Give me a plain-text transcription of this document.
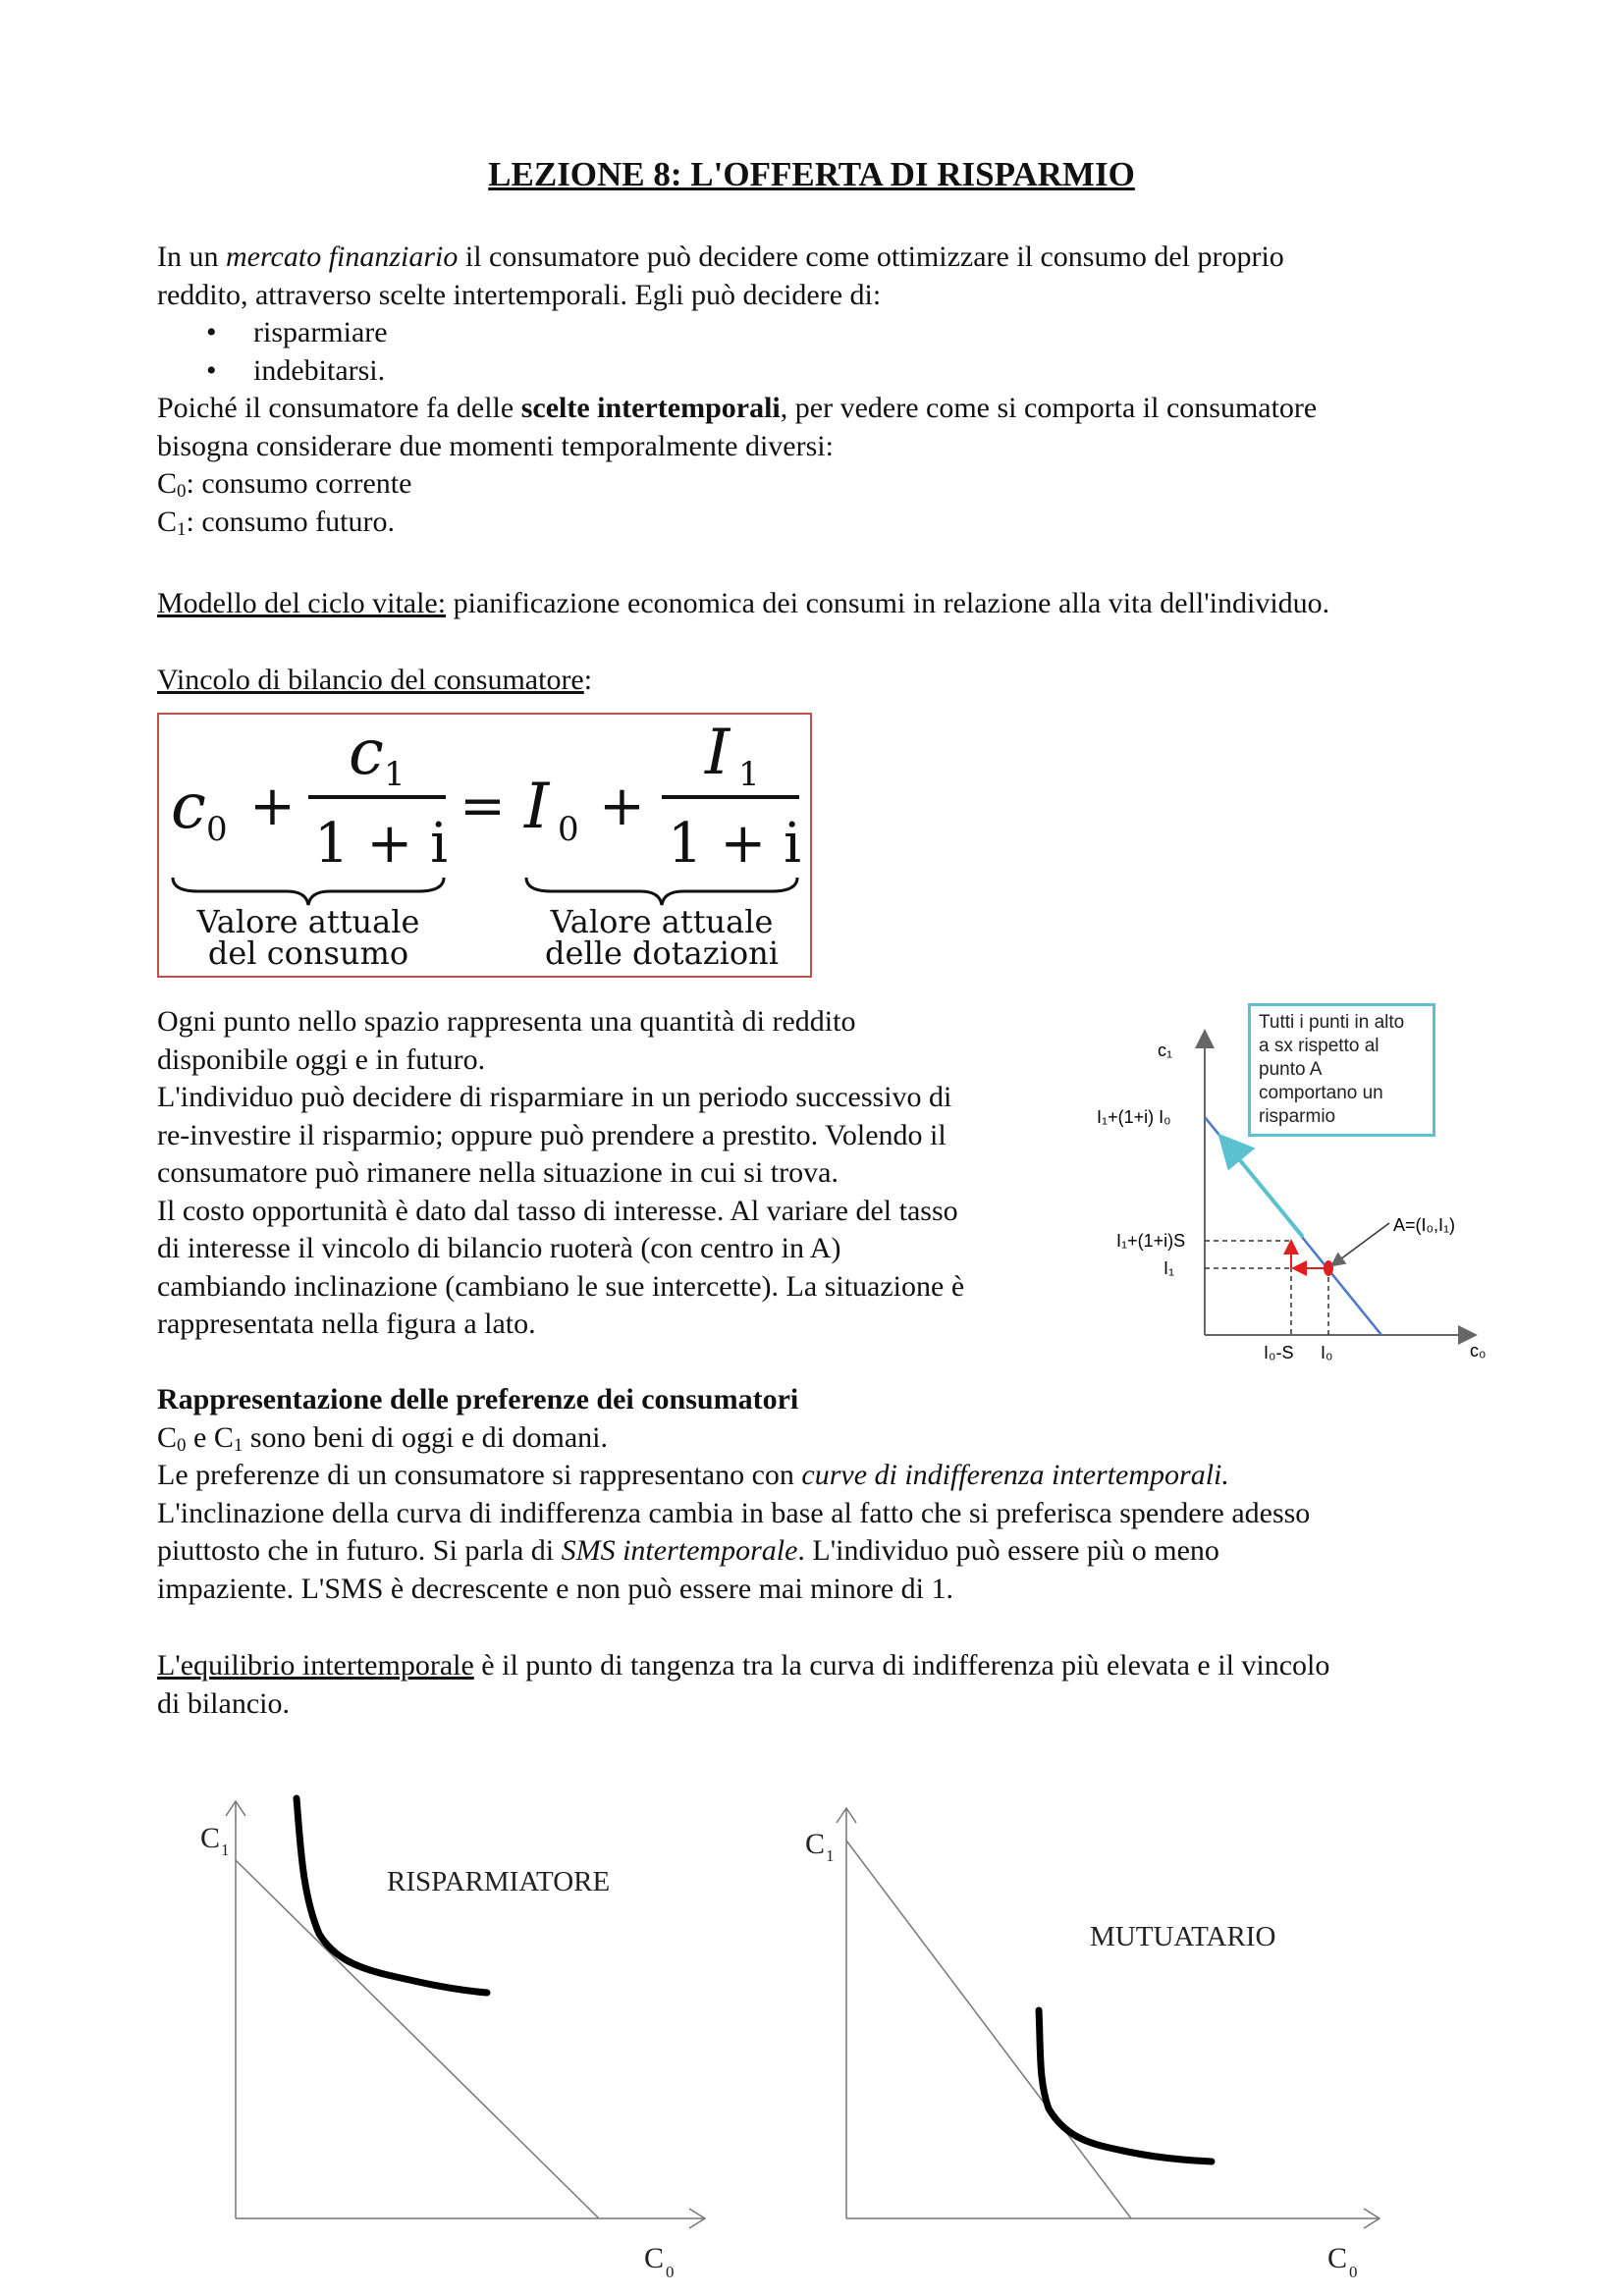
LEZIONE 8: L'OFFERTA DI RISPARMIO
In un mercato finanziario il consumatore può decidere come ottimizzare il consumo del proprio
reddito, attraverso scelte intertemporali. Egli può decidere di:
•	risparmiare
•	indebitarsi.
Poiché il consumatore fa delle scelte intertemporali, per vedere come si comporta il consumatore
bisogna considerare due momenti temporalmente diversi:
$C_0$: consumo corrente
$C_1$: consumo futuro.
Modello del ciclo vitale: pianificazione economica dei consumi in relazione alla vita dell'individuo.
Vincolo di bilancio del consumatore:
c 0 +
c 1
1 + i
= I 0 +
I 1
1 + i
Valore attuale
del consumo
Valore attuale
delle dotazioni
Ogni punto nello spazio rappresenta una quantità di reddito
disponibile oggi e in futuro.
L'individuo può decidere di risparmiare in un periodo successivo di
re-investire il risparmio; oppure può prendere a prestito. Volendo il
consumatore può rimanere nella situazione in cui si trova.
Il costo opportunità è dato dal tasso di interesse. Al variare del tasso
di interesse il vincolo di bilancio ruoterà (con centro in A)
cambiando inclinazione (cambiano le sue intercette). La situazione è
rappresentata nella figura a lato.
c₁
c₀
I₁+(1+i) I₀
I₁+(1+i)S
I₁
I₀-S I₀
A=(I₀,I₁)
Tutti i punti in alto
a sx rispetto al
punto A
comportano un
risparmio
Rappresentazione delle preferenze dei consumatori
$C_0$ e $C_1$ sono beni di oggi e di domani.
Le preferenze di un consumatore si rappresentano con curve di indifferenza intertemporali.
L'inclinazione della curva di indifferenza cambia in base al fatto che si preferisca spendere adesso
piuttosto che in futuro. Si parla di SMS intertemporale. L'individuo può essere più o meno
impaziente. L'SMS è decrescente e non può essere mai minore di 1.
L'equilibrio intertemporale è il punto di tangenza tra la curva di indifferenza più elevata e il vincolo
di bilancio.
C 1
C 0
RISPARMIATORE
C 1
C 0
MUTUATARIO
